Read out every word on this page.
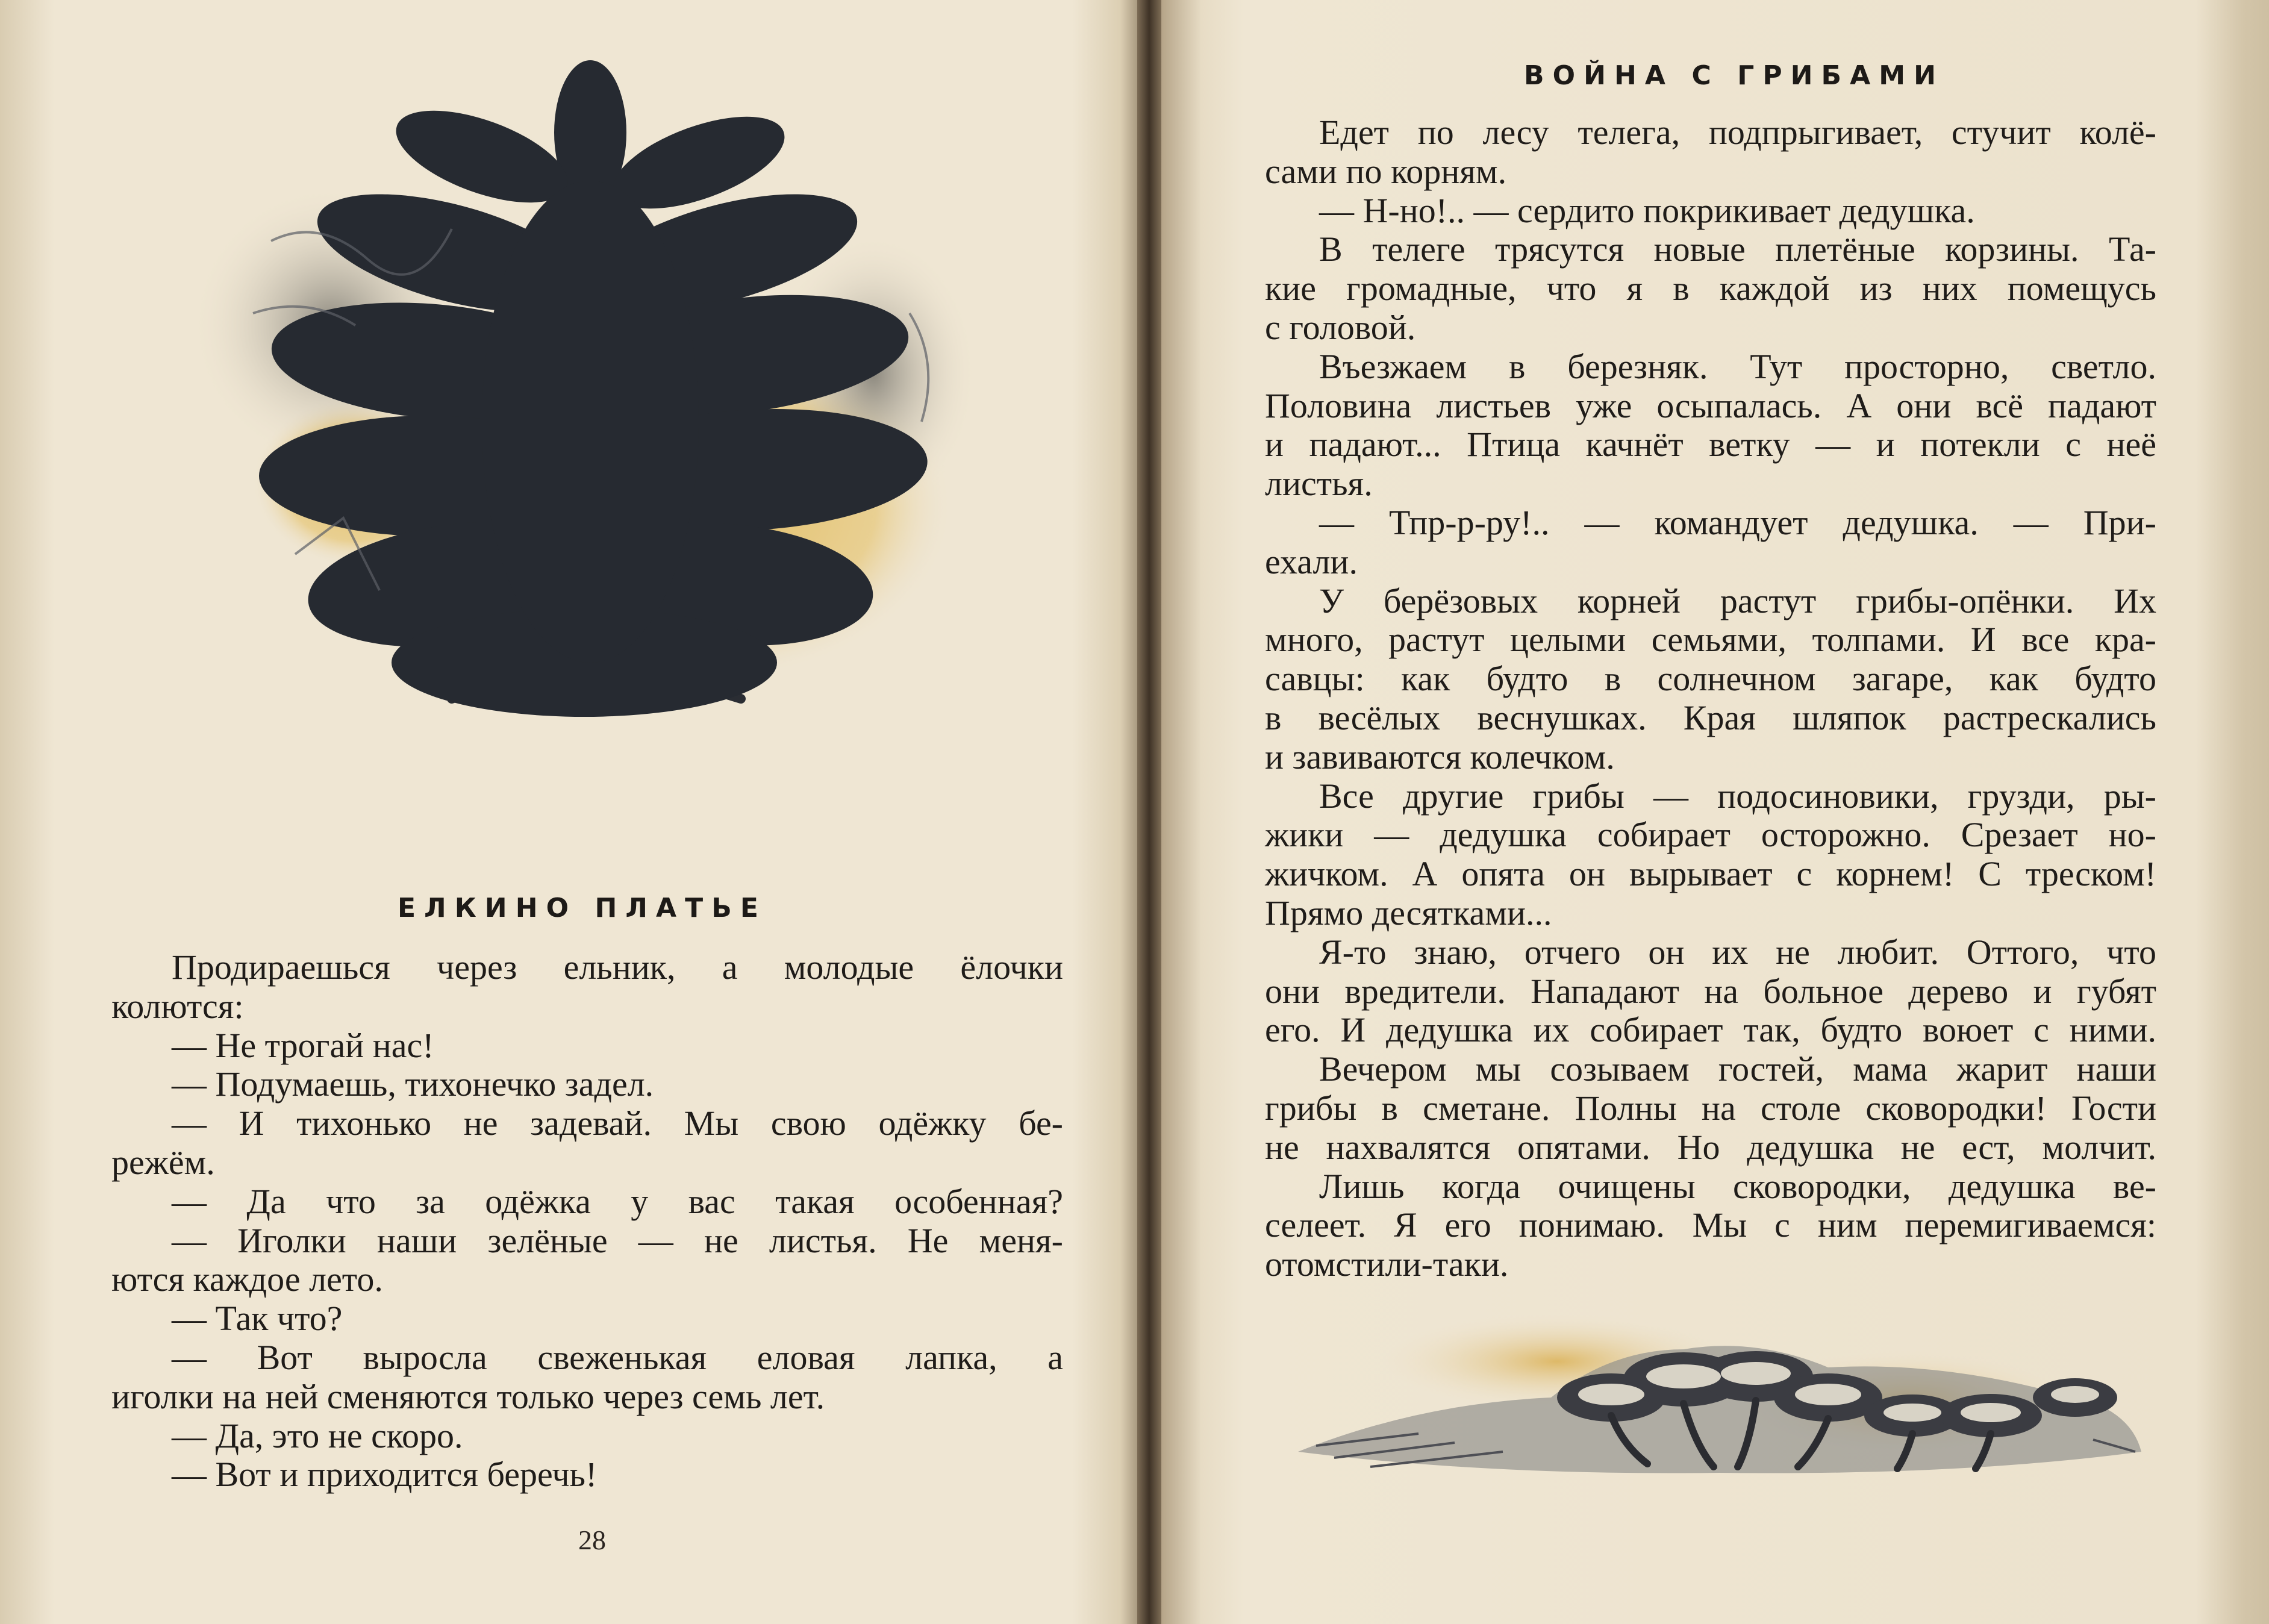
ЕЛКИНО ПЛАТЬЕ
Продираешься через ельник, а молодые ёлочки
колются:
— Не трогай нас!
— Подумаешь, тихонечко задел.
— И тихонько не задевай. Мы свою одёжку бе-
режём.
— Да что за одёжка у вас такая особенная?
— Иголки наши зелёные — не листья. Не меня-
ются каждое лето.
— Так что?
— Вот выросла свеженькая еловая лапка, а
иголки на ней сменяются только через семь лет.
— Да, это не скоро.
— Вот и приходится беречь!

28

ВОЙНА С ГРИБАМИ
Едет по лесу телега, подпрыгивает, стучит колё-
сами по корням.
— Н-но!.. — сердито покрикивает дедушка.
В телеге трясутся новые плетёные корзины. Та-
кие громадные, что я в каждой из них помещусь
с головой.
Въезжаем в березняк. Тут просторно, светло.
Половина листьев уже осыпалась. А они всё падают
и падают... Птица качнёт ветку — и потекли с неё
листья.
— Тпр-р-ру!.. — командует дедушка. — При-
ехали.
У берёзовых корней растут грибы-опёнки. Их
много, растут целыми семьями, толпами. И все кра-
савцы: как будто в солнечном загаре, как будто
в весёлых веснушках. Края шляпок растрескались
и завиваются колечком.
Все другие грибы — подосиновики, грузди, ры-
жики — дедушка собирает осторожно. Срезает но-
жичком. А опята он вырывает с корнем! С треском!
Прямо десятками...
Я-то знаю, отчего он их не любит. Оттого, что
они вредители. Нападают на больное дерево и губят
его. И дедушка их собирает так, будто воюет с ними.
Вечером мы созываем гостей, мама жарит наши
грибы в сметане. Полны на столе сковородки! Гости
не нахвалятся опятами. Но дедушка не ест, молчит.
Лишь когда очищены сковородки, дедушка ве-
селеет. Я его понимаю. Мы с ним перемигиваемся:
отомстили-таки.
